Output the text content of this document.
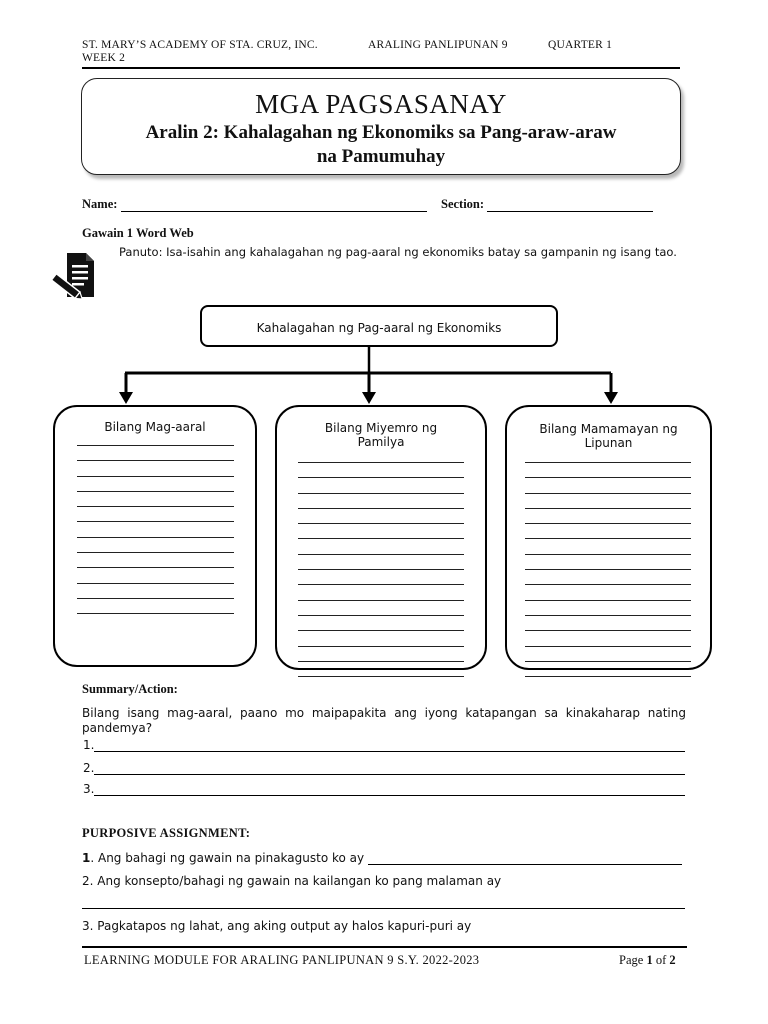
ST. MARY’S ACADEMY OF STA. CRUZ, INC.	ARALING PANLIPUNAN 9	QUARTER 1
WEEK 2
MGA PAGSASANAY
Aralin 2: Kahalagahan ng Ekonomiks sa Pang-araw-araw
na Pamumuhay
Name:	Section:
Gawain 1 Word Web
Panuto: Isa-isahin ang kahalagahan ng pag-aaral ng ekonomiks batay sa gampanin ng isang tao.
Kahalagahan ng Pag-aaral ng Ekonomiks
Bilang Mag-aaral	Bilang Miyemro ng Pamilya
Bilang Mamamayan ng Lipunan
Summary/Action:
Bilang isang mag-aaral, paano mo maipapakita ang iyong katapangan sa kinakaharap nating pandemya?
1.
2.
3.
PURPOSIVE ASSIGNMENT:
1. Ang bahagi ng gawain na pinakagusto ko ay
2. Ang konsepto/bahagi ng gawain na kailangan ko pang malaman ay
3. Pagkatapos ng lahat, ang aking output ay halos kapuri-puri ay
LEARNING MODULE FOR ARALING PANLIPUNAN 9 S.Y. 2022-2023	Page 1 of 2
